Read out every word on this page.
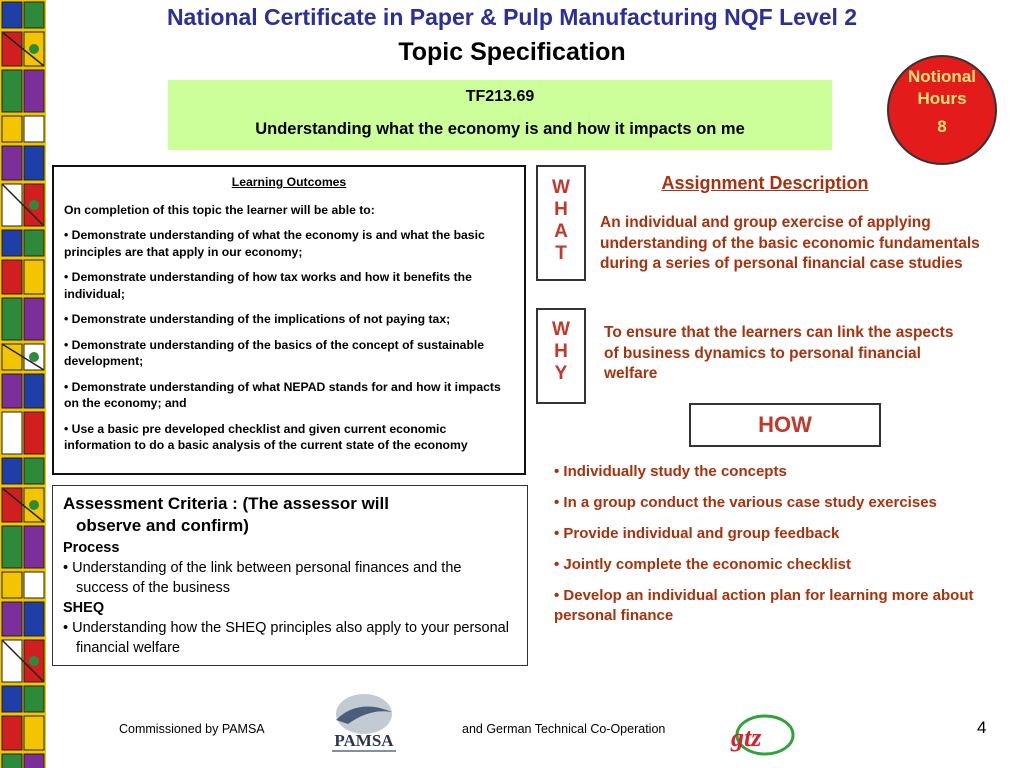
National Certificate in Paper & Pulp Manufacturing NQF Level 2
Topic Specification
Notional
Hours
8
TF213.69
Understanding what the economy is and how it impacts on me
Learning Outcomes

On completion of this topic the learner will be able to:

• Demonstrate understanding of what the economy is and what the basic principles are that apply in our economy;

• Demonstrate understanding of how tax works and how it benefits the individual;

• Demonstrate understanding of the implications of not paying tax;

• Demonstrate understanding of the basics of the concept of sustainable development;

• Demonstrate understanding of what NEPAD stands for and how it impacts on the economy; and

• Use a basic pre developed checklist and given current economic information to do a basic analysis of the current state of the economy

Assessment Criteria : (The assessor will
observe and confirm)
Process
• Understanding of the link between personal finances and the success of the business
SHEQ
• Understanding how the SHEQ principles also apply to your personal financial welfare
W
H
A
T
W
H
Y
Assignment Description
An individual and group exercise of applying understanding of the basic economic fundamentals during a series of personal financial case studies
To ensure that the learners can link the aspects of business dynamics to personal financial welfare
HOW
• Individually study the concepts
• In a group conduct the various case study exercises
• Provide individual and group feedback
• Jointly complete the economic checklist
• Develop an individual action plan for learning more about personal finance
Commissioned by PAMSA
PAMSA
and German Technical Co-Operation	gtz	4
